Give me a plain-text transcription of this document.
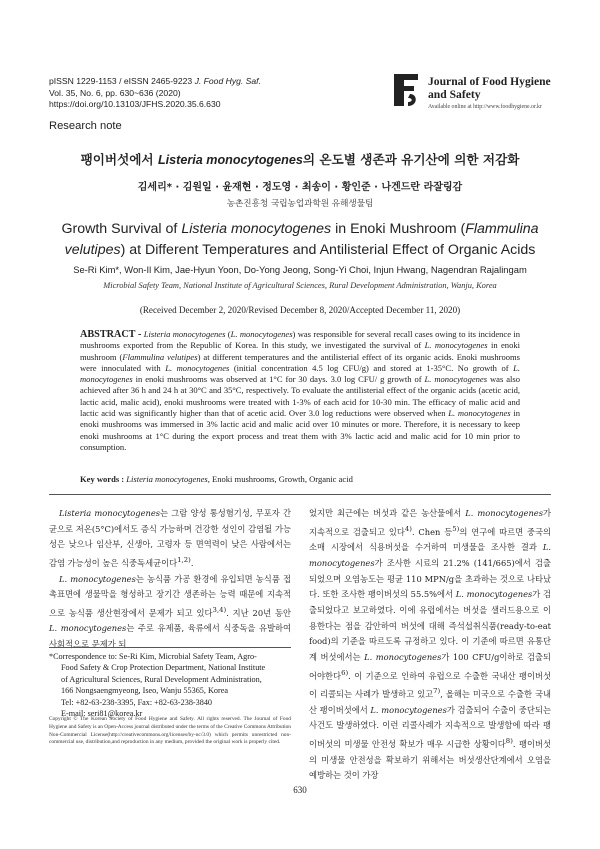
pISSN 1229-1153 / eISSN 2465-9223 J. Food Hyg. Saf.
Vol. 35, No. 6, pp. 630~636 (2020)
https://doi.org/10.13103/JFHS.2020.35.6.630
Journal of Food Hygiene
and Safety
Available online at http://www.foodhygiene.or.kr
Research note
팽이버섯에서 Listeria monocytogenes의 온도별 생존과 유기산에 의한 저감화
김세리* · 김원일 · 윤재현 · 정도영 · 최송이 · 황인준 · 나겐드란 라잘링감
농촌진흥청 국립농업과학원 유해생물팀
Growth Survival of Listeria monocytogenes in Enoki Mushroom (Flammulina velutipes) at Different Temperatures and Antilisterial Effect of Organic Acids
Se-Ri Kim*, Won-Il Kim, Jae-Hyun Yoon, Do-Yong Jeong, Song-Yi Choi, Injun Hwang, Nagendran Rajalingam
Microbial Safety Team, National Institute of Agricultural Sciences, Rural Development Administration, Wanju, Korea
(Received December 2, 2020/Revised December 8, 2020/Accepted December 11, 2020)
ABSTRACT - Listeria monocytogenes (L. monocytogenes) was responsible for several recall cases owing to its incidence in mushrooms exported from the Republic of Korea. In this study, we investigated the survival of L. monocytogenes in enoki mushroom (Flammulina velutipes) at different temperatures and the antilisterial effect of its organic acids. Enoki mushrooms were innoculated with L. monocytogenes (initial concentration 4.5 log CFU/g) and stored at 1-35°C. No growth of L. monocytogenes in enoki mushrooms was observed at 1°C for 30 days. 3.0 log CFU/ g growth of L. monocytogenes was also achieved after 36 h and 24 h at 30°C and 35°C, respectively. To evaluate the antilisterial effect of the organic acids (acetic acid, lactic acid, malic acid), enoki mushrooms were treated with 1-3% of each acid for 10-30 min. The efficacy of malic acid and lactic acid was significantly higher than that of acetic acid. Over 3.0 log reductions were observed when L. monocytogenes in enoki mushrooms was immersed in 3% lactic acid and malic acid over 10 minutes or more. Therefore, it is necessary to keep enoki mushrooms at 1°C during the export process and treat them with 3% lactic acid and malic acid for 10 min prior to consumption.
Key words : Listeria monocytogenes, Enoki mushrooms, Growth, Organic acid

Listeria monocytogenes는 그람 양성 통성혐기성, 무포자 간균으로 저온(5°C)에서도 증식 가능하며 건강한 성인이 감염될 가능성은 낮으나 임산부, 신생아, 고령자 등 면역력이 낮은 사람에서는 감염 가능성이 높은 식중독세균이다$^{1,2)}$.

L. monocytogenes는 농식품 가공 환경에 유입되면 농식품 접촉표면에 생물막을 형성하고 장기간 생존하는 능력 때문에 지속적으로 농식품 생산현장에서 문제가 되고 있다$^{3,4)}$. 지난 20년 동안 L. monocytogenes는 주로 유제품, 육류에서 식중독을 유발하여 사회적으로 문제가 되

었지만 최근에는 버섯과 같은 농산물에서 L. monocytogenes가 지속적으로 검출되고 있다$^{4)}$. Chen 등$^{5)}$의 연구에 따르면 중국의 소매 시장에서 식용버섯을 수거하여 미생물을 조사한 결과 L. monocytogenes가 조사한 시료의 21.2% (141/665)에서 검출되었으며 오염농도는 평균 110 MPN/g을 초과하는 것으로 나타났다. 또한 조사한 팽이버섯의 55.5%에서 L. monocytogenes가 검출되었다고 보고하였다. 이에 유럽에서는 버섯을 샐러드용으로 이용한다는 점을 감안하여 버섯에 대해 즉석섭취식품(ready-to-eat food)의 기준을 따르도록 규정하고 있다. 이 기준에 따르면 유통단계 버섯에서는 L. monocytogenes가 100 CFU/g이하로 검출되어야한다$^{6)}$. 이 기준으로 인하여 유럽으로 수출한 국내산 팽이버섯이 리콜되는 사례가 발생하고 있고$^{7)}$, 올해는 미국으로 수출한 국내산 팽이버섯에서 L. monocytogenes가 검출되어 수출이 중단되는 사건도 발생하였다. 이런 리콜사례가 지속적으로 발생함에 따라 팽이버섯의 미생물 안전성 확보가 매우 시급한 상황이다$^{8)}$. 팽이버섯의 미생물 안전성을 확보하기 위해서는 버섯생산단계에서 오염을 예방하는 것이 가장
*Correspondence to: Se-Ri Kim, Microbial Safety Team, Agro-
Food Safety & Crop Protection Department, National Institute
of Agricultural Sciences, Rural Development Administration,
166 Nongsaengmyeong, Iseo, Wanju 55365, Korea
Tel: +82-63-238-3395, Fax: +82-63-238-3840
E-mail: seri81@korea.kr
Copyright © The Korean Society of Food Hygiene and Safety. All rights reserved. The Journal of Food Hygiene and Safety is an Open-Access journal distributed under the terms of the Creative Commons Attribution Non-Commercial License(http://creativecommons.org/licenses/by-nc/3.0) which permits unrestricted non-commercial use, distribution,and reproduction in any medium, provided the original work is properly cited.
630
